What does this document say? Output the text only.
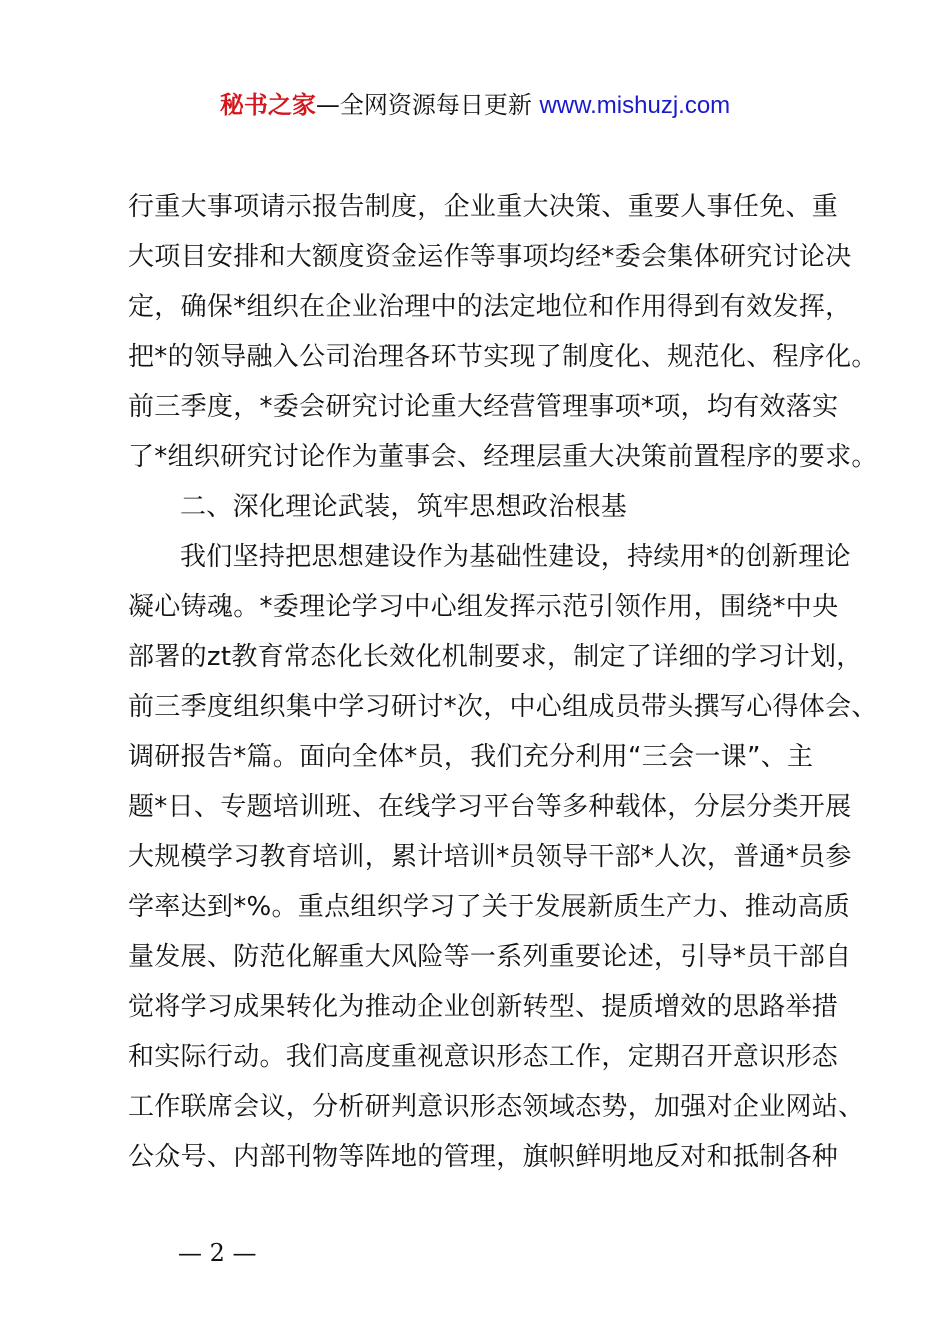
秘书之家—全网资源每日更新 www.mishuzj.com
行重大事项请示报告制度，企业重大决策、重要人事任免、重
大项目安排和大额度资金运作等事项均经*委会集体研究讨论决
定，确保*组织在企业治理中的法定地位和作用得到有效发挥，
把*的领导融入公司治理各环节实现了制度化、规范化、程序化。
前三季度，*委会研究讨论重大经营管理事项*项，均有效落实
了*组织研究讨论作为董事会、经理层重大决策前置程序的要求。
二、深化理论武装，筑牢思想政治根基
我们坚持把思想建设作为基础性建设，持续用*的创新理论
凝心铸魂。*委理论学习中心组发挥示范引领作用，围绕*中央
部署的zt教育常态化长效化机制要求，制定了详细的学习计划，
前三季度组织集中学习研讨*次，中心组成员带头撰写心得体会、
调研报告*篇。面向全体*员，我们充分利用“三会一课”、主
题*日、专题培训班、在线学习平台等多种载体，分层分类开展
大规模学习教育培训，累计培训*员领导干部*人次，普通*员参
学率达到*%。重点组织学习了关于发展新质生产力、推动高质
量发展、防范化解重大风险等一系列重要论述，引导*员干部自
觉将学习成果转化为推动企业创新转型、提质增效的思路举措
和实际行动。我们高度重视意识形态工作，定期召开意识形态
工作联席会议，分析研判意识形态领域态势，加强对企业网站、
公众号、内部刊物等阵地的管理，旗帜鲜明地反对和抵制各种
— 2 —
